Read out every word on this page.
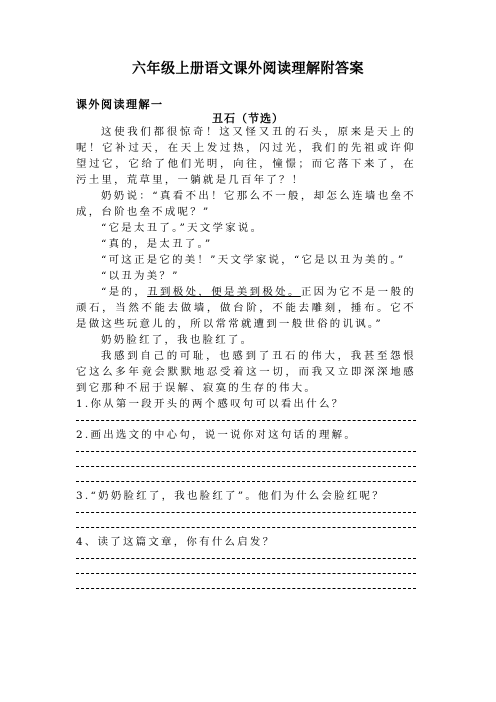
六年级上册语文课外阅读理解附答案
课外阅读理解一
丑石（节选）

这使我们都很惊奇！这又怪又丑的石头，原来是天上的呢！它补过天，在天上发过热，闪过光，我们的先祖或许仰望过它，它给了他们光明，向往，憧憬；而它落下来了，在污土里，荒草里，一躺就是几百年了？！

奶奶说：“真看不出！它那么不一般，却怎么连墙也垒不成，台阶也垒不成呢？”

“它是太丑了。”天文学家说。

“真的，是太丑了。”

“可这正是它的美！”天文学家说，“它是以丑为美的。”

“以丑为美？”

“是的，丑到极处，便是美到极处。正因为它不是一般的顽石，当然不能去做墙，做台阶，不能去雕刻，捶布。它不是做这些玩意儿的，所以常常就遭到一般世俗的讥讽。”

奶奶脸红了，我也脸红了。

我感到自己的可耻，也感到了丑石的伟大，我甚至怨恨它这么多年竟会默默地忍受着这一切，而我又立即深深地感到它那种不屈于误解、寂寞的生存的伟大。

1.你从第一段开头的两个感叹句可以看出什么？

2.画出选文的中心句，说一说你对这句话的理解。

3.“奶奶脸红了，我也脸红了”。他们为什么会脸红呢？

4、读了这篇文章，你有什么启发？
